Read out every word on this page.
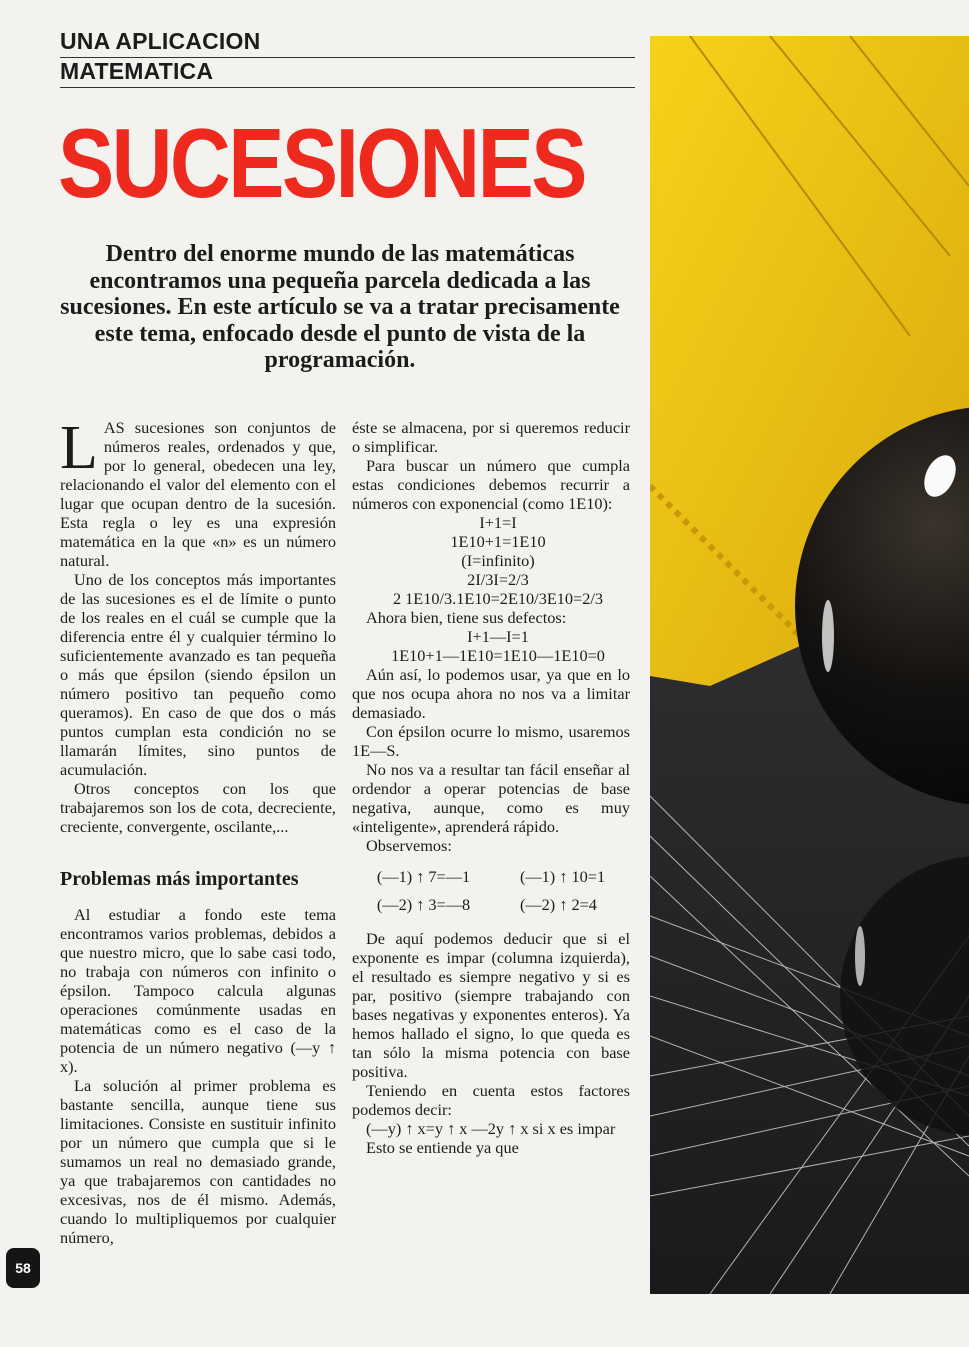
UNA APLICACION
MATEMATICA
SUCESIONES
Dentro del enorme mundo de las matemáticas encontramos una pequeña parcela dedicada a las sucesiones. En este artículo se va a tratar precisamente este tema, enfocado desde el punto de vista de la programación.

LAS sucesiones son conjuntos de números reales, ordenados y que, por lo general, obedecen una ley, relacionando el valor del elemento con el lugar que ocupan dentro de la sucesión. Esta regla o ley es una expresión matemática en la que «n» es un número natural.

Uno de los conceptos más importantes de las sucesiones es el de límite o punto de los reales en el cuál se cumple que la diferencia entre él y cualquier término lo suficientemente avanzado es tan pequeña o más que épsilon (siendo épsilon un número positivo tan pequeño como queramos). En caso de que dos o más puntos cumplan esta condición no se llamarán límites, sino puntos de acumulación.

Otros conceptos con los que trabajaremos son los de cota, decreciente, creciente, convergente, oscilante,...

Problemas más importantes

Al estudiar a fondo este tema encontramos varios problemas, debidos a que nuestro micro, que lo sabe casi todo, no trabaja con números con infinito o épsilon. Tampoco calcula algunas operaciones comúnmente usadas en matemáticas como es el caso de la potencia de un número negativo (—y ↑ x).

La solución al primer problema es bastante sencilla, aunque tiene sus limitaciones. Consiste en sustituir infinito por un número que cumpla que si le sumamos un real no demasiado grande, ya que trabajaremos con cantidades no excesivas, nos de él mismo. Además, cuando lo multipliquemos por cualquier número,

éste se almacena, por si queremos reducir o simplificar.

Para buscar un número que cumpla estas condiciones debemos recurrir a números con exponencial (como 1E10):

I+1=I

1E10+1=1E10

(I=infinito)

2I/3I=2/3

2 1E10/3.1E10=2E10/3E10=2/3

Ahora bien, tiene sus defectos:

I+1—I=1

1E10+1—1E10=1E10—1E10=0

Aún así, lo podemos usar, ya que en lo que nos ocupa ahora no nos va a limitar demasiado.

Con épsilon ocurre lo mismo, usaremos 1E—S.

No nos va a resultar tan fácil enseñar al ordendor a operar potencias de base negativa, aunque, como es muy «inteligente», aprenderá rápido.

Observemos:

(—1) ↑ 7=—1
(—2) ↑ 3=—8
(—1) ↑ 10=1
(—2) ↑ 2=4

De aquí podemos deducir que si el exponente es impar (columna izquierda), el resultado es siempre negativo y si es par, positivo (siempre trabajando con bases negativas y exponentes enteros). Ya hemos hallado el signo, lo que queda es tan sólo la misma potencia con base positiva.

Teniendo en cuenta estos factores podemos decir:

(—y) ↑ x=y ↑ x —2y ↑ x si x es impar

Esto se entiende ya que

58
